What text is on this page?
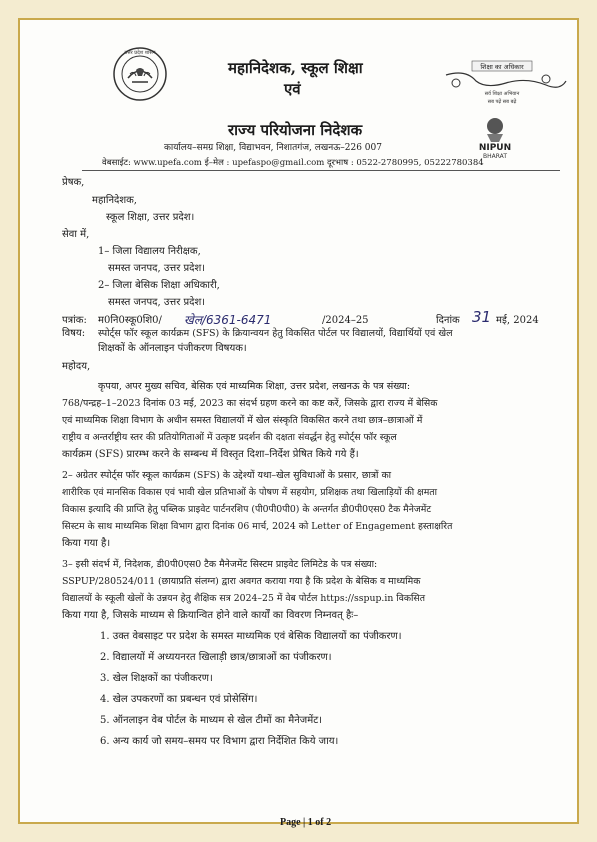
उत्तर प्रदेश शासन
महानिदेशक, स्कूल शिक्षा
एवं
राज्य परियोजना निदेशक
कार्यालय–समग्र शिक्षा, विद्याभवन, निशातगंज, लखनऊ–226 007
वेबसाईट: www.upefa.com ई–मेल : upefaspo@gmail.com दूरभाष : 0522-2780995, 05222780384
शिक्षा का अधिकार
सर्व शिक्षा अभियान
सब पढ़ें सब बढ़ें
NIPUN
BHARAT
प्रेषक,
महानिदेशक,
स्कूल शिक्षा, उत्तर प्रदेश।
सेवा में,
1– जिला विद्यालय निरीक्षक,
समस्त जनपद, उत्तर प्रदेश।
2– जिला बेसिक शिक्षा अधिकारी,
समस्त जनपद, उत्तर प्रदेश।
पत्रांक: म0नि0स्कू0शि0/ खेल/6361-6471	/2024–25	दिनांक 31 मई, 2024
विषय: स्पोर्ट्स फॉर स्कूल कार्यक्रम (SFS) के क्रियान्वयन हेतु विकसित पोर्टल पर विद्यालयों, विद्यार्थियों एवं खेल
शिक्षकों के ऑनलाइन पंजीकरण विषयक।
महोदय,
कृपया, अपर मुख्य सचिव, बेसिक एवं माध्यमिक शिक्षा, उत्तर प्रदेश, लखनऊ के पत्र संख्या:
768/पन्द्रह–1–2023 दिनांक 03 मई, 2023 का संदर्भ ग्रहण करने का कष्ट करें, जिसके द्वारा राज्य में बेसिक
एवं माध्यमिक शिक्षा विभाग के अधीन समस्त विद्यालयों में खेल संस्कृति विकसित करने तथा छात्र–छात्राओं में
राष्ट्रीय व अन्तर्राष्ट्रीय स्तर की प्रतियोगिताओं में उत्कृष्ट प्रदर्शन की दक्षता संवर्द्धन हेतु स्पोर्ट्स फॉर स्कूल
कार्यक्रम (SFS) प्रारम्भ करने के सम्बन्ध में विस्तृत दिशा–निर्देश प्रेषित किये गये हैं।
2– अग्रेतर स्पोर्ट्स फॉर स्कूल कार्यक्रम (SFS) के उद्देश्यों यथा–खेल सुविधाओं के प्रसार, छात्रों का
शारीरिक एवं मानसिक विकास एवं भावी खेल प्रतिभाओं के पोषण में सहयोग, प्रशिक्षक तथा खिलाड़ियों की क्षमता
विकास इत्यादि की प्राप्ति हेतु पब्लिक प्राइवेट पार्टनरशिप (पी0पी0पी0) के अन्तर्गत डी0पी0एस0 टैक मैनेजमेंट
सिस्टम के साथ माध्यमिक शिक्षा विभाग द्वारा दिनांक 06 मार्च, 2024 को Letter of Engagement हस्ताक्षरित
किया गया है।
3– इसी संदर्भ में, निदेशक, डी0पी0एस0 टैक मैनेजमेंट सिस्टम प्राइवेट लिमिटेड के पत्र संख्या:
SSPUP/280524/011 (छायाप्रति संलग्न) द्वारा अवगत कराया गया है कि प्रदेश के बेसिक व माध्यमिक
विद्यालयों के स्कूली खेलों के उन्नयन हेतु शैक्षिक सत्र 2024–25 में वेब पोर्टल https://sspup.in विकसित
किया गया है, जिसके माध्यम से क्रियान्वित होने वाले कार्यों का विवरण निम्नवत् हैः–
1. उक्त वेबसाइट पर प्रदेश के समस्त माध्यमिक एवं बेसिक विद्यालयों का पंजीकरण।
2. विद्यालयों में अध्ययनरत खिलाड़ी छात्र/छात्राओं का पंजीकरण।
3. खेल शिक्षकों का पंजीकरण।
4. खेल उपकरणों का प्रबन्धन एवं प्रोसेसिंग।
5. ऑनलाइन वेब पोर्टल के माध्यम से खेल टीमों का मैनेजमेंट।
6. अन्य कार्य जो समय–समय पर विभाग द्वारा निर्देशित किये जाय।
Page | 1 of 2
